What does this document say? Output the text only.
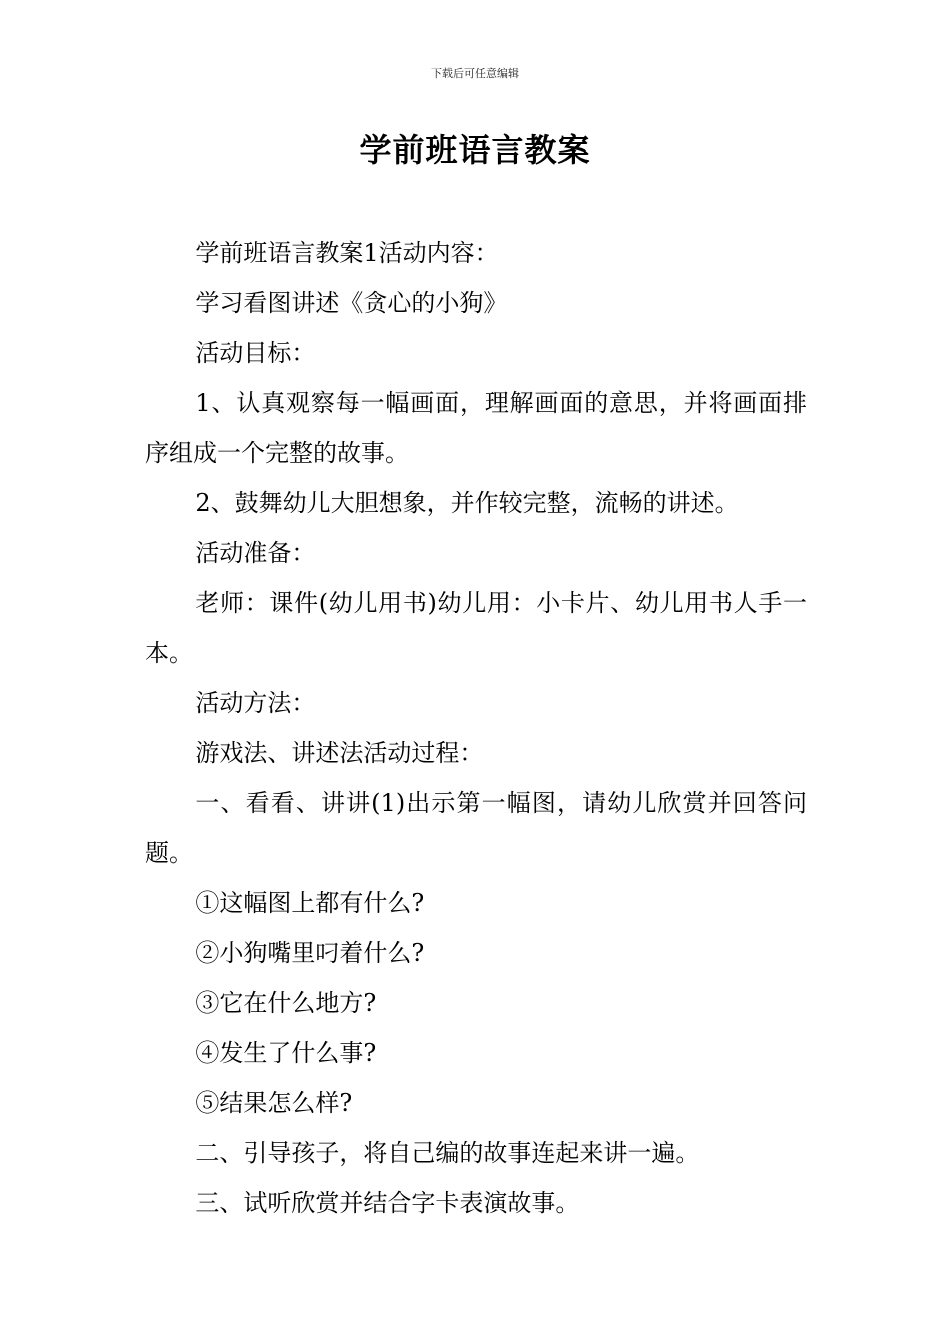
下载后可任意编辑
学前班语言教案

学前班语言教案1活动内容：

学习看图讲述《贪心的小狗》

活动目标：

1、认真观察每一幅画面，理解画面的意思，并将画面排序组成一个完整的故事。

2、鼓舞幼儿大胆想象，并作较完整，流畅的讲述。

活动准备：

老师：课件(幼儿用书)幼儿用：小卡片、幼儿用书人手一本。

活动方法：

游戏法、讲述法活动过程：

一、看看、讲讲(1)出示第一幅图，请幼儿欣赏并回答问题。

①这幅图上都有什么?

②小狗嘴里叼着什么?

③它在什么地方?

④发生了什么事?

⑤结果怎么样?

二、引导孩子，将自己编的故事连起来讲一遍。

三、试听欣赏并结合字卡表演故事。
